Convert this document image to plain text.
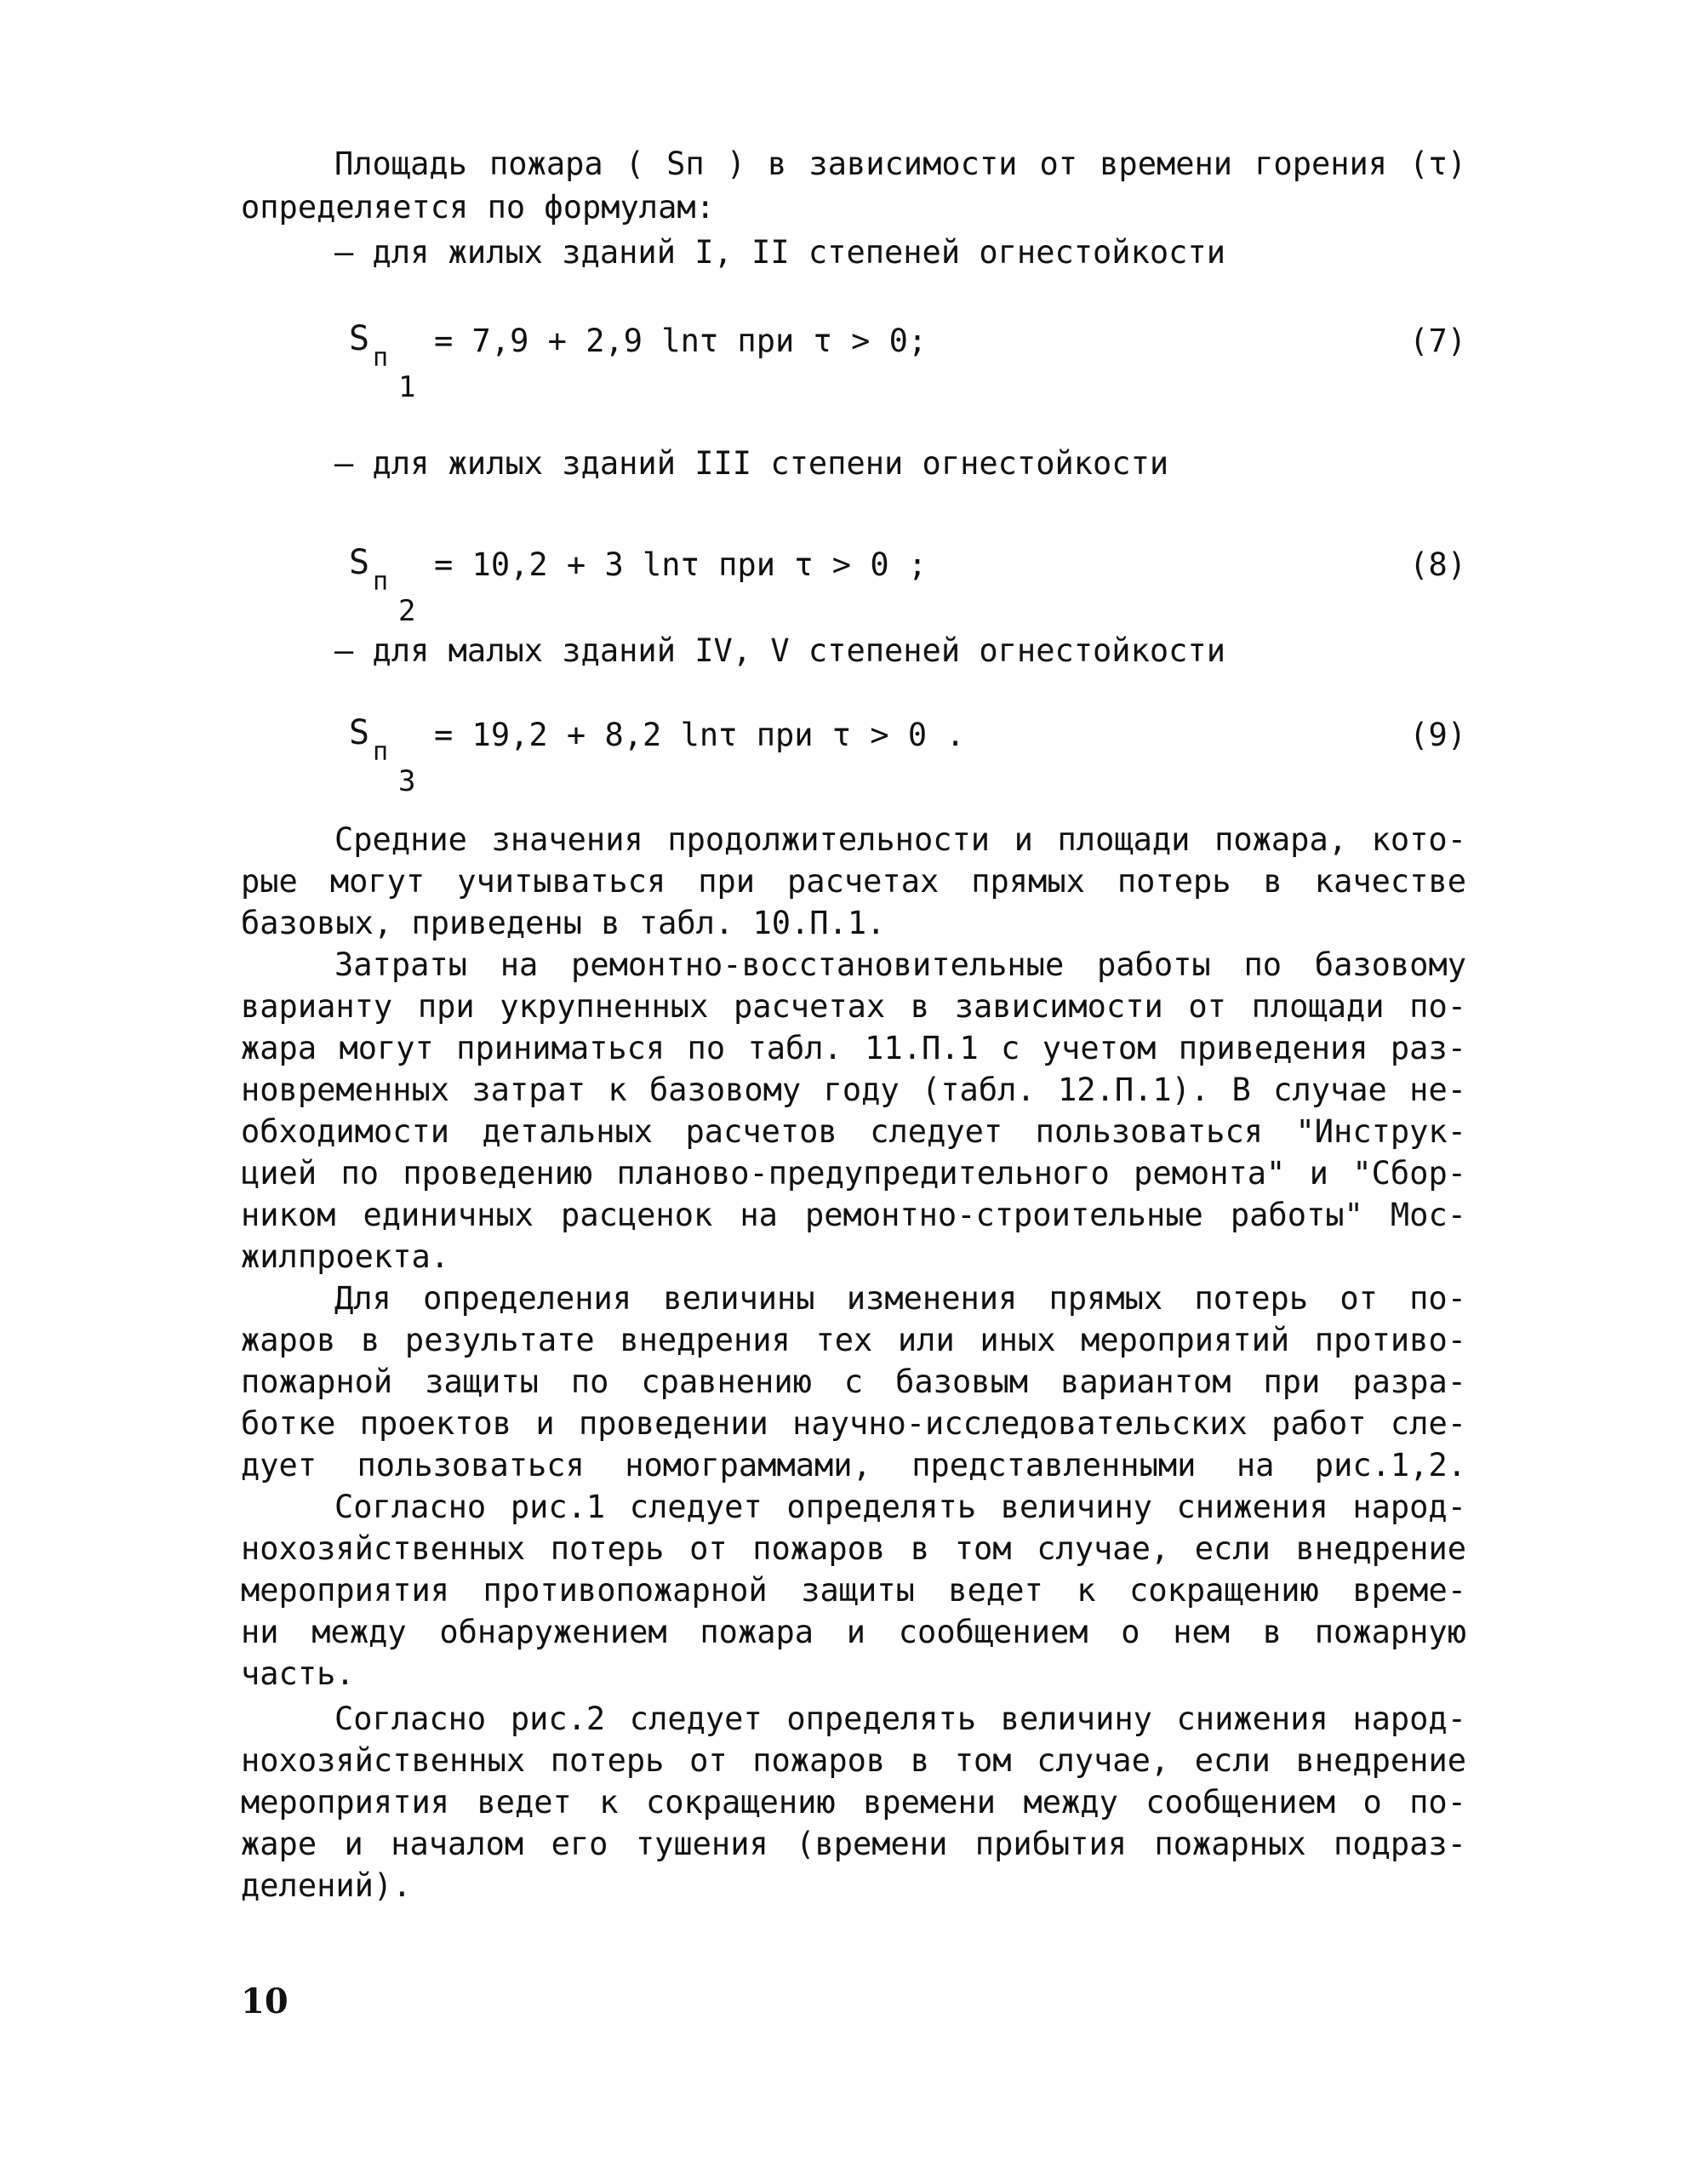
Площадь пожара ( Sп ) в зависимости от времени горения (τ)
определяется по формулам:
– для жилых зданий I, II степеней огнестойкости
S п
1
= 7,9 + 2,9 lnτ при τ > 0;	(7)
– для жилых зданий III степени огнестойкости
S п
2
= 10,2 + 3 lnτ при τ > 0 ;	(8)
– для малых зданий IV, V степеней огнестойкости
S п
3
= 19,2 + 8,2 lnτ при τ > 0 .	(9)
Средние значения продолжительности и площади пожара, кото-
рые могут учитываться при расчетах прямых потерь в качестве
базовых, приведены в табл. 10.П.1.
Затраты на ремонтно-восстановительные работы по базовому
варианту при укрупненных расчетах в зависимости от площади по-
жара могут приниматься по табл. 11.П.1 с учетом приведения раз-
новременных затрат к базовому году (табл. 12.П.1). В случае не-
обходимости детальных расчетов следует пользоваться "Инструк-
цией по проведению планово-предупредительного ремонта" и "Сбор-
ником единичных расценок на ремонтно-строительные работы" Мос-
жилпроекта.
Для определения величины изменения прямых потерь от по-
жаров в результате внедрения тех или иных мероприятий противо-
пожарной защиты по сравнению с базовым вариантом при разра-
ботке проектов и проведении научно-исследовательских работ сле-
дует пользоваться номограммами, представленными на рис.1,2.
Согласно рис.1 следует определять величину снижения народ-
нохозяйственных потерь от пожаров в том случае, если внедрение
мероприятия противопожарной защиты ведет к сокращению време-
ни между обнаружением пожара и сообщением о нем в пожарную
часть.
Согласно рис.2 следует определять величину снижения народ-
нохозяйственных потерь от пожаров в том случае, если внедрение
мероприятия ведет к сокращению времени между сообщением о по-
жаре и началом его тушения (времени прибытия пожарных подраз-
делений).
10
